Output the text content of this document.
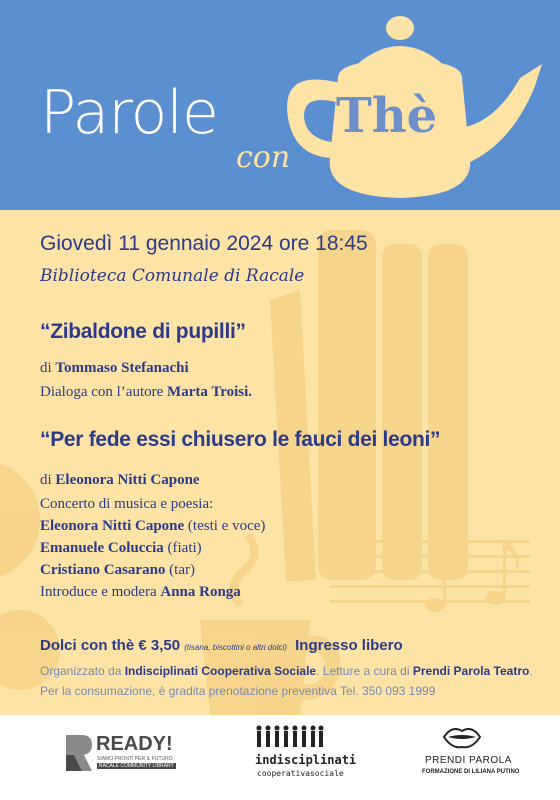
Parole
con
Thè
Giovedì 11 gennaio 2024 ore 18:45
Biblioteca Comunale di Racale
“Zibaldone di pupilli”
di Tommaso Stefanachi
Dialoga con l’autore Marta Troisi.
“Per fede essi chiusero le fauci dei leoni”
di Eleonora Nitti Capone
Concerto di musica e poesia:
Eleonora Nitti Capone (testi e voce)
Emanuele Coluccia (fiati)
Cristiano Casarano (tar)
Introduce e modera Anna Ronga
Dolci con thè € 3,50 (tisana, biscottini o altri dolci) Ingresso libero
Organizzato da Indisciplinati Cooperativa Sociale. Letture a cura di Prendi Parola Teatro.
Per la consumazione, è gradita prenotazione preventiva Tel. 350 093 1999
READY!
SIAMO PRONTI PER IL FUTURO
RACALE COMMUNITY LIBRARY	indisciplinati
cooperativasociale
PRENDI PAROLA
FORMAZIONE DI LILIANA PUTINO
